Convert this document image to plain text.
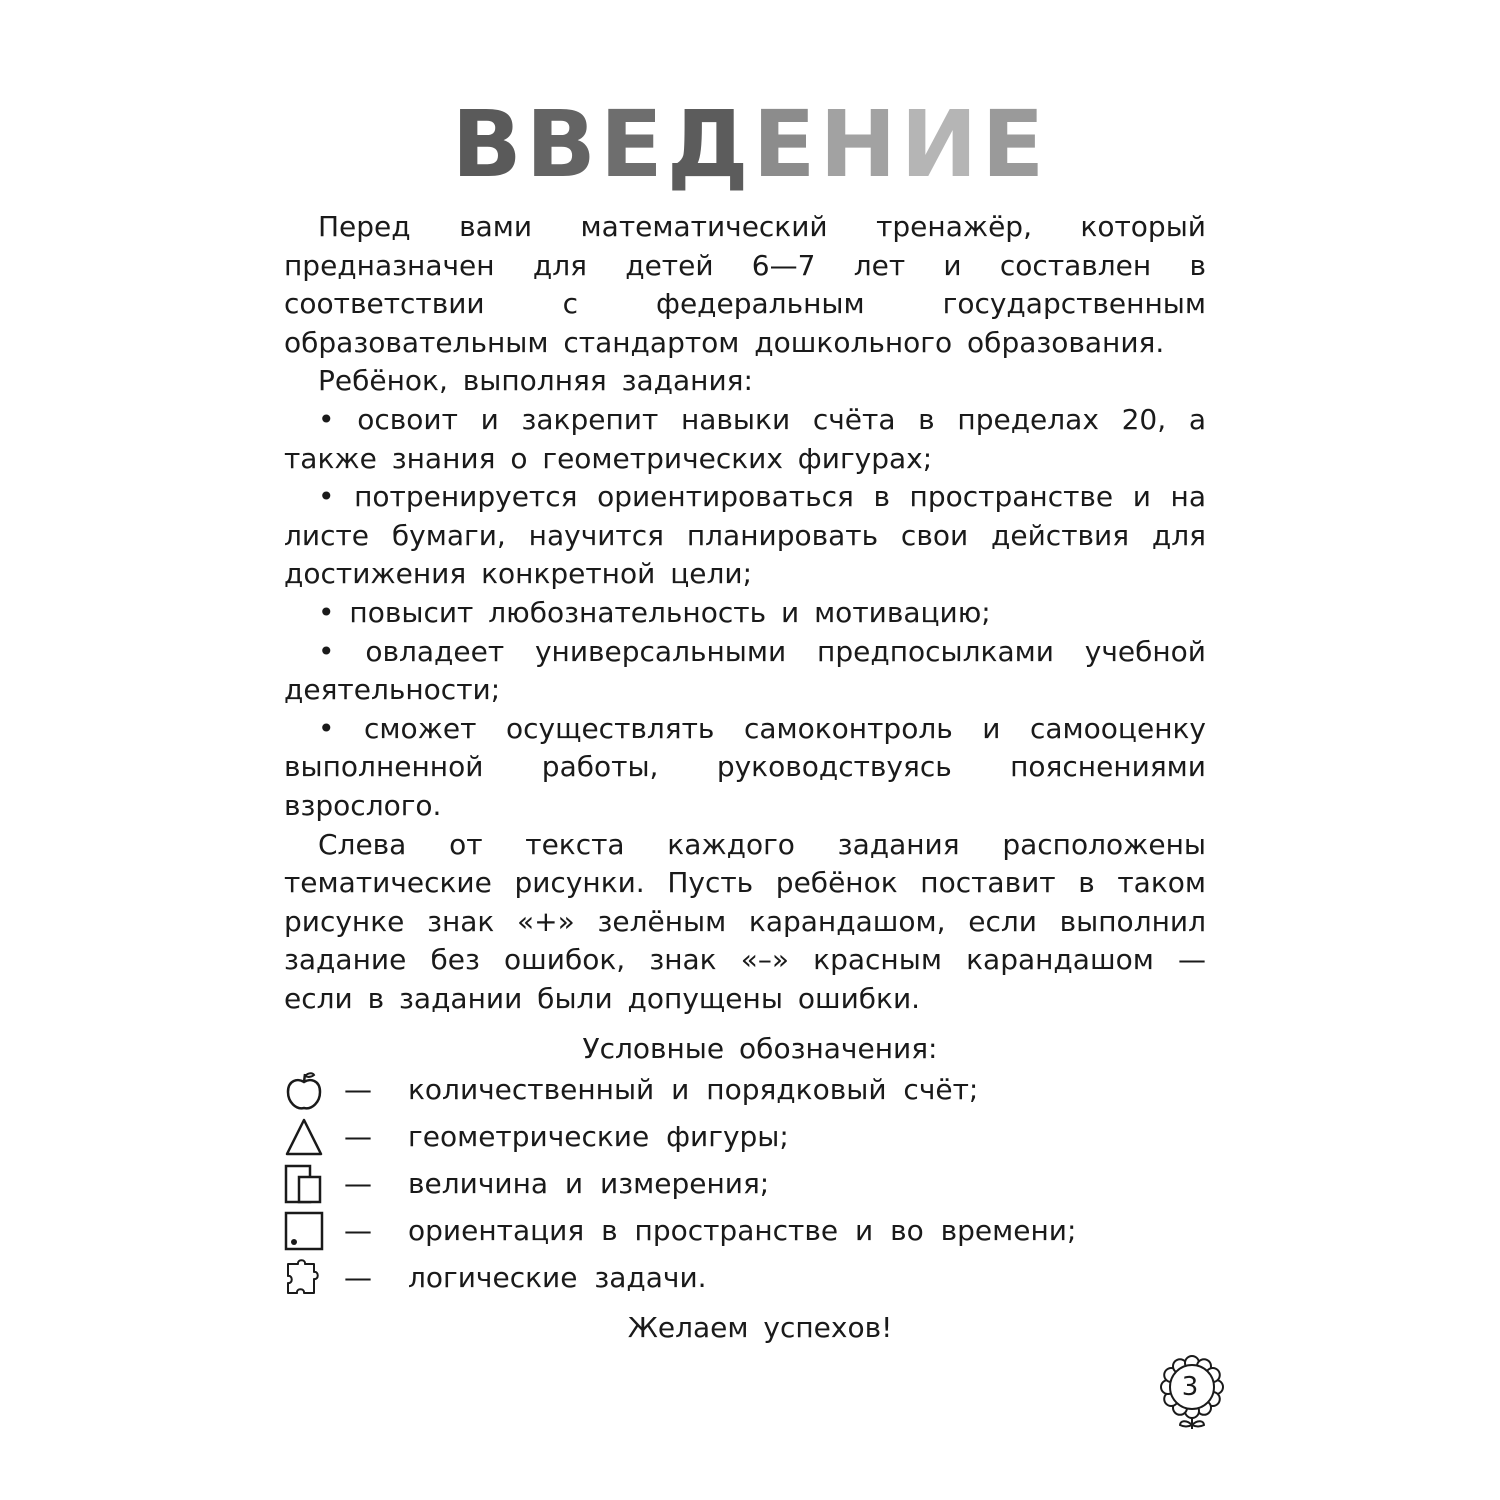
ВВЕДЕНИЕ

Перед вами математический тренажёр, который предназначен для детей 6—7 лет и составлен в соответствии с федеральным государственным образовательным стандартом дошкольного образования.

Ребёнок, выполняя задания:

• освоит и закрепит навыки счёта в пределах 20, а также знания о геометрических фигурах;

• потренируется ориентироваться в пространстве и на листе бумаги, научится планировать свои действия для достижения конкретной цели;

• повысит любознательность и мотивацию;

• овладеет универсальными предпосылками учебной деятельности;

• сможет осуществлять самоконтроль и самооценку выполненной работы, руководствуясь пояснениями взрослого.

Слева от текста каждого задания расположены тематические рисунки. Пусть ребёнок поставит в таком рисунке знак «+» зелёным карандашом, если выполнил задание без ошибок, знак «–» красным карандашом — если в задании были допущены ошибки.

Условные обозначения:
— количественный и порядковый счёт;
— геометрические фигуры;
— величина и измерения;
— ориентация в пространстве и во времени;
— логические задачи.
Желаем успехов!
3
